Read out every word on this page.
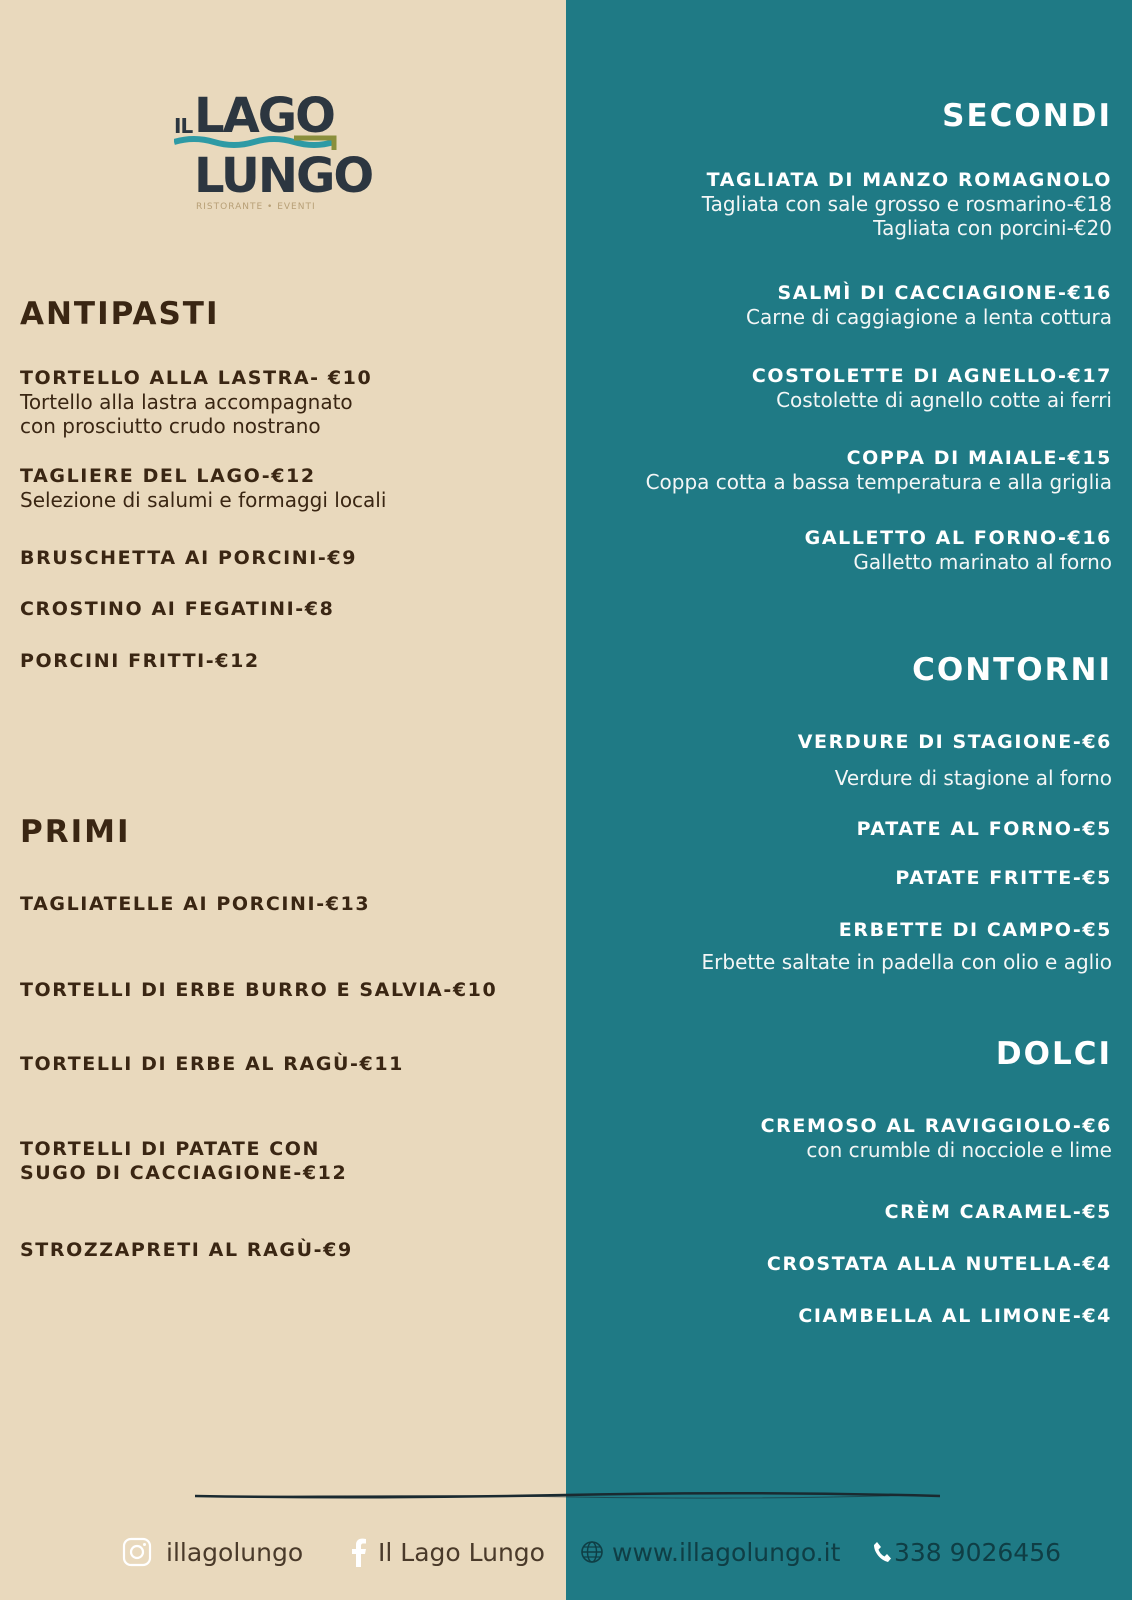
IL LAGO
LUNGO
RISTORANTE • EVENTI
ANTIPASTI
TORTELLO ALLA LASTRA- €10
Tortello alla lastra accompagnato
con prosciutto crudo nostrano
TAGLIERE DEL LAGO-€12
Selezione di salumi e formaggi locali
BRUSCHETTA AI PORCINI-€9
CROSTINO AI FEGATINI-€8
PORCINI FRITTI-€12
PRIMI
TAGLIATELLE AI PORCINI-€13
TORTELLI DI ERBE BURRO E SALVIA-€10
TORTELLI DI ERBE AL RAGÙ-€11
TORTELLI DI PATATE CON
SUGO DI CACCIAGIONE-€12
STROZZAPRETI AL RAGÙ-€9
SECONDI
TAGLIATA DI MANZO ROMAGNOLO
Tagliata con sale grosso e rosmarino-€18
Tagliata con porcini-€20
SALMÌ DI CACCIAGIONE-€16
Carne di caggiagione a lenta cottura
COSTOLETTE DI AGNELLO-€17
Costolette di agnello cotte ai ferri
COPPA DI MAIALE-€15
Coppa cotta a bassa temperatura e alla griglia
GALLETTO AL FORNO-€16
Galletto marinato al forno
CONTORNI
VERDURE DI STAGIONE-€6
Verdure di stagione al forno
PATATE AL FORNO-€5
PATATE FRITTE-€5
ERBETTE DI CAMPO-€5
Erbette saltate in padella con olio e aglio
DOLCI
CREMOSO AL RAVIGGIOLO-€6
con crumble di nocciole e lime
CRÈM CARAMEL-€5
CROSTATA ALLA NUTELLA-€4
CIAMBELLA AL LIMONE-€4
illagolungo	Il Lago Lungo	www.illagolungo.it 338 9026456
